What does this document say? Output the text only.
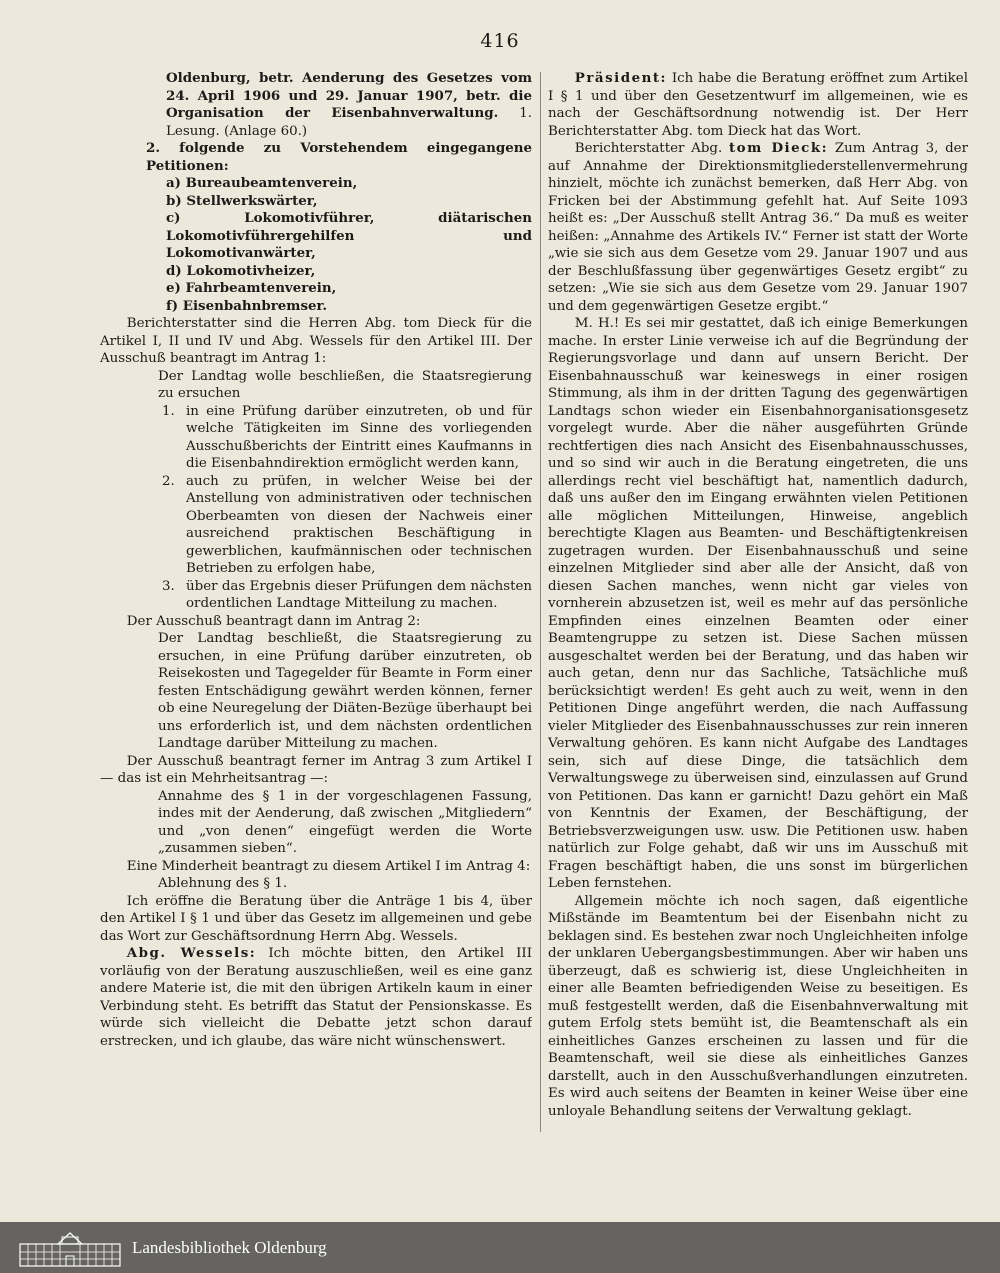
416

Oldenburg, betr. Aenderung des Gesetzes vom 24. April 1906 und 29. Januar 1907, betr. die Organisation der Eisenbahnverwaltung. 1. Lesung. (Anlage 60.)

2. folgende zu Vorstehendem eingegangene Petitionen:

a) Bureaubeamtenverein,

b) Stellwerkswärter,

c) Lokomotivführer, diätarischen Lokomotivführergehilfen und Lokomotivanwärter,

d) Lokomotivheizer,

e) Fahrbeamtenverein,

f) Eisenbahnbremser.

Berichterstatter sind die Herren Abg. tom Dieck für die Artikel I, II und IV und Abg. Wessels für den Artikel III. Der Ausschuß beantragt im Antrag 1:

Der Landtag wolle beschließen, die Staatsregierung zu ersuchen

1. in eine Prüfung darüber einzutreten, ob und für welche Tätigkeiten im Sinne des vorliegenden Ausschußberichts der Eintritt eines Kaufmanns in die Eisenbahndirektion ermöglicht werden kann,
2. auch zu prüfen, in welcher Weise bei der Anstellung von administrativen oder technischen Oberbeamten von diesen der Nachweis einer ausreichend praktischen Beschäftigung in gewerblichen, kaufmännischen oder technischen Betrieben zu erfolgen habe,
3. über das Ergebnis dieser Prüfungen dem nächsten ordentlichen Landtage Mitteilung zu machen.

Der Ausschuß beantragt dann im Antrag 2:

Der Landtag beschließt, die Staatsregierung zu ersuchen, in eine Prüfung darüber einzutreten, ob Reisekosten und Tagegelder für Beamte in Form einer festen Entschädigung gewährt werden können, ferner ob eine Neuregelung der Diäten-Bezüge überhaupt bei uns erforderlich ist, und dem nächsten ordentlichen Landtage darüber Mitteilung zu machen.

Der Ausschuß beantragt ferner im Antrag 3 zum Artikel I — das ist ein Mehrheitsantrag —:

Annahme des § 1 in der vorgeschlagenen Fassung, indes mit der Aenderung, daß zwischen „Mitgliedern“ und „von denen“ eingefügt werden die Worte „zusammen sieben“.

Eine Minderheit beantragt zu diesem Artikel I im Antrag 4:

Ablehnung des § 1.

Ich eröffne die Beratung über die Anträge 1 bis 4, über den Artikel I § 1 und über das Gesetz im allgemeinen und gebe das Wort zur Geschäftsordnung Herrn Abg. Wessels.

Abg. Wessels: Ich möchte bitten, den Artikel III vorläufig von der Beratung auszuschließen, weil es eine ganz andere Materie ist, die mit den übrigen Artikeln kaum in einer Verbindung steht. Es betrifft das Statut der Pensionskasse. Es würde sich vielleicht die Debatte jetzt schon darauf erstrecken, und ich glaube, das wäre nicht wünschenswert.

Präsident: Ich habe die Beratung eröffnet zum Artikel I § 1 und über den Gesetzentwurf im allgemeinen, wie es nach der Geschäftsordnung notwendig ist. Der Herr Berichterstatter Abg. tom Dieck hat das Wort.

Berichterstatter Abg. tom Dieck: Zum Antrag 3, der auf Annahme der Direktionsmitgliederstellenvermehrung hinzielt, möchte ich zunächst bemerken, daß Herr Abg. von Fricken bei der Abstimmung gefehlt hat. Auf Seite 1093 heißt es: „Der Ausschuß stellt Antrag 36.“ Da muß es weiter heißen: „Annahme des Artikels IV.“ Ferner ist statt der Worte „wie sie sich aus dem Gesetze vom 29. Januar 1907 und aus der Beschlußfassung über gegenwärtiges Gesetz ergibt“ zu setzen: „Wie sie sich aus dem Gesetze vom 29. Januar 1907 und dem gegenwärtigen Gesetze ergibt.“

M. H.! Es sei mir gestattet, daß ich einige Bemerkungen mache. In erster Linie verweise ich auf die Begründung der Regierungsvorlage und dann auf unsern Bericht. Der Eisenbahnausschuß war keineswegs in einer rosigen Stimmung, als ihm in der dritten Tagung des gegenwärtigen Landtags schon wieder ein Eisenbahnorganisationsgesetz vorgelegt wurde. Aber die näher ausgeführten Gründe rechtfertigen dies nach Ansicht des Eisenbahnausschusses, und so sind wir auch in die Beratung eingetreten, die uns allerdings recht viel beschäftigt hat, namentlich dadurch, daß uns außer den im Eingang erwähnten vielen Petitionen alle möglichen Mitteilungen, Hinweise, angeblich berechtigte Klagen aus Beamten- und Beschäftigtenkreisen zugetragen wurden. Der Eisenbahnausschuß und seine einzelnen Mitglieder sind aber alle der Ansicht, daß von diesen Sachen manches, wenn nicht gar vieles von vornherein abzusetzen ist, weil es mehr auf das persönliche Empfinden eines einzelnen Beamten oder einer Beamtengruppe zu setzen ist. Diese Sachen müssen ausgeschaltet werden bei der Beratung, und das haben wir auch getan, denn nur das Sachliche, Tatsächliche muß berücksichtigt werden! Es geht auch zu weit, wenn in den Petitionen Dinge angeführt werden, die nach Auffassung vieler Mitglieder des Eisenbahnausschusses zur rein inneren Verwaltung gehören. Es kann nicht Aufgabe des Landtages sein, sich auf diese Dinge, die tatsächlich dem Verwaltungswege zu überweisen sind, einzulassen auf Grund von Petitionen. Das kann er garnicht! Dazu gehört ein Maß von Kenntnis der Examen, der Beschäftigung, der Betriebsverzweigungen usw. usw. Die Petitionen usw. haben natürlich zur Folge gehabt, daß wir uns im Ausschuß mit Fragen beschäftigt haben, die uns sonst im bürgerlichen Leben fernstehen.

Allgemein möchte ich noch sagen, daß eigentliche Mißstände im Beamtentum bei der Eisenbahn nicht zu beklagen sind. Es bestehen zwar noch Ungleichheiten infolge der unklaren Uebergangsbestimmungen. Aber wir haben uns überzeugt, daß es schwierig ist, diese Ungleichheiten in einer alle Beamten befriedigenden Weise zu beseitigen. Es muß festgestellt werden, daß die Eisenbahnverwaltung mit gutem Erfolg stets bemüht ist, die Beamtenschaft als ein einheitliches Ganzes erscheinen zu lassen und für die Beamtenschaft, weil sie diese als einheitliches Ganzes darstellt, auch in den Ausschußverhandlungen einzutreten. Es wird auch seitens der Beamten in keiner Weise über eine unloyale Behandlung seitens der Verwaltung geklagt.

Landesbibliothek Oldenburg
